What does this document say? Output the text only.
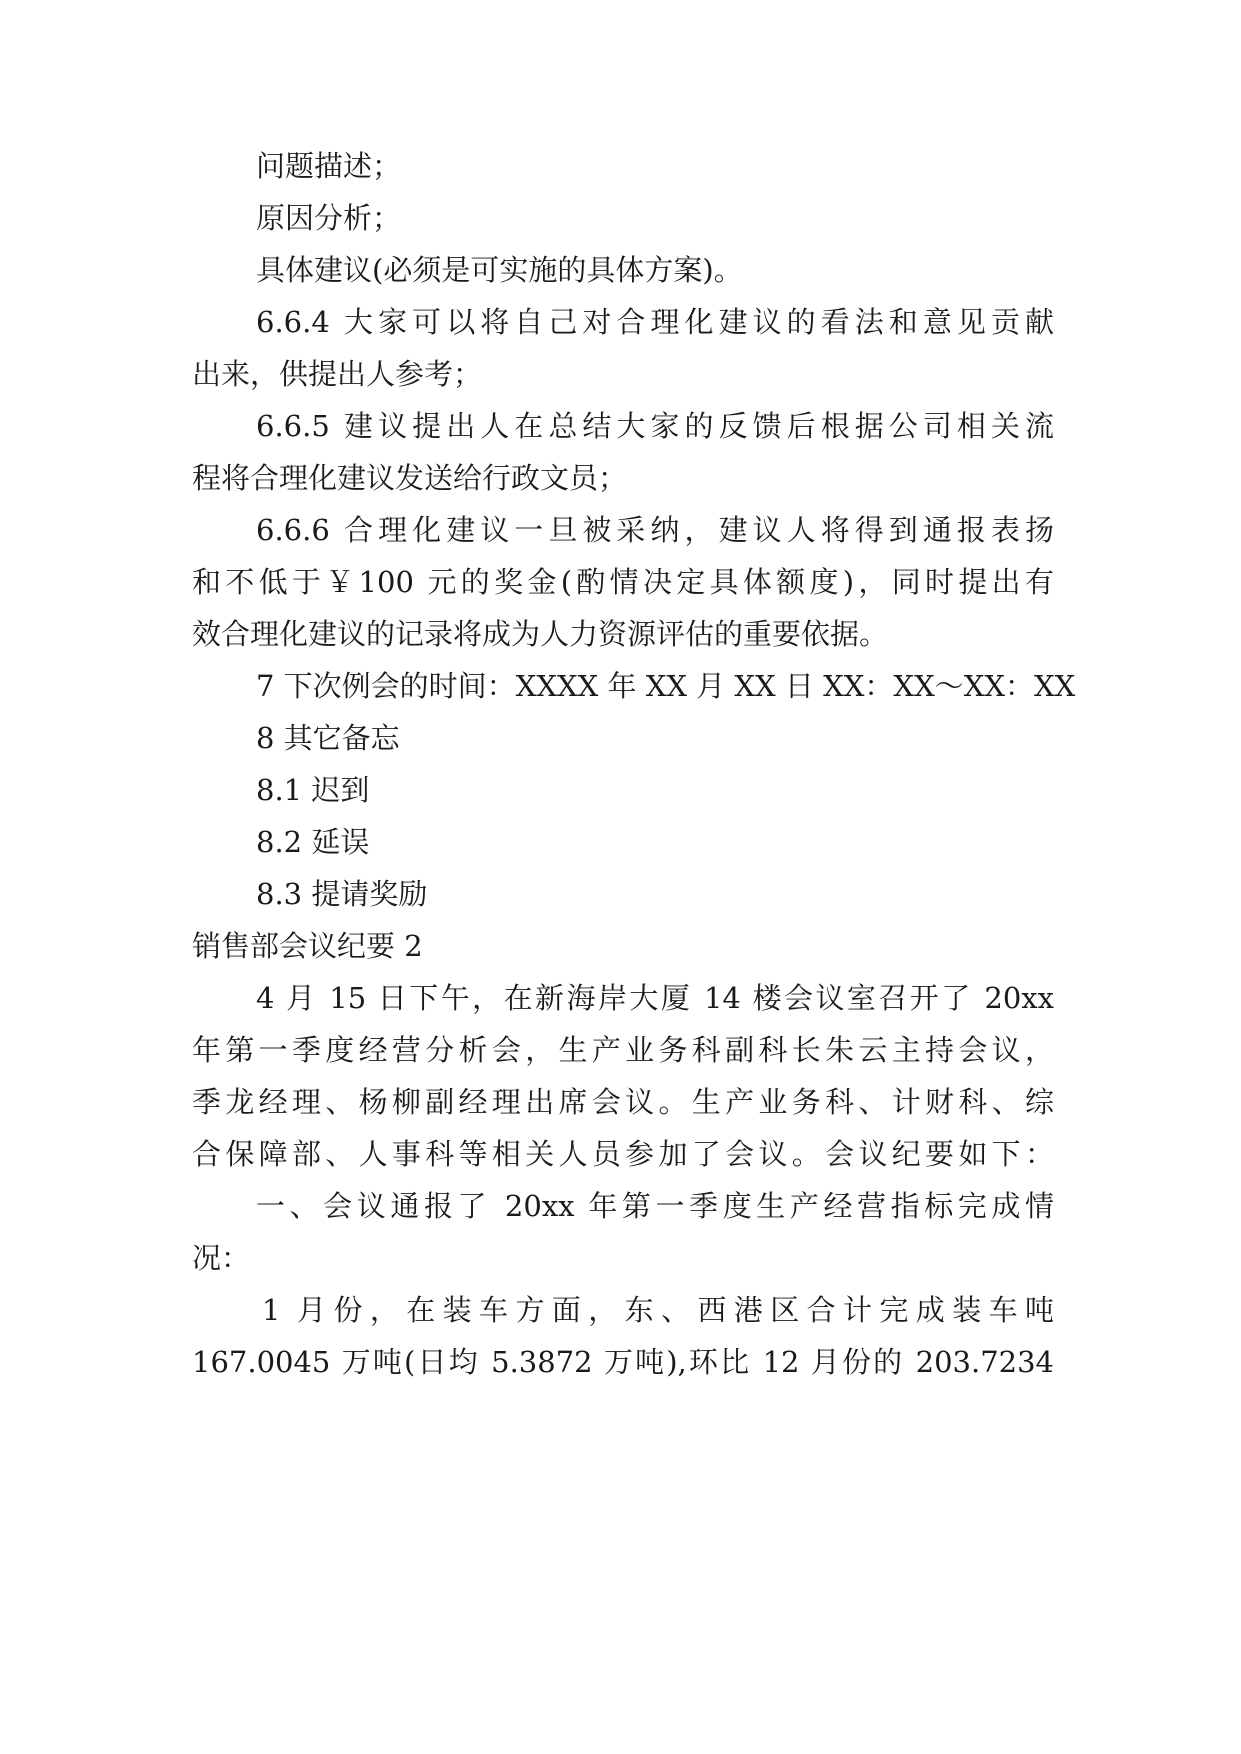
问题描述；
原因分析；
具体建议(必须是可实施的具体方案)。
6.6.4 大家可以将自己对合理化建议的看法和意见贡献
出来，供提出人参考；
6.6.5 建议提出人在总结大家的反馈后根据公司相关流
程将合理化建议发送给行政文员；
6.6.6 合理化建议一旦被采纳，建议人将得到通报表扬
和不低于￥100 元的奖金(酌情决定具体额度)，同时提出有
效合理化建议的记录将成为人力资源评估的重要依据。
7 下次例会的时间：XXXX 年 XX 月 XX 日 XX：XX～XX：XX
8 其它备忘
8.1 迟到
8.2 延误
8.3 提请奖励
销售部会议纪要 2
4 月 15 日下午，在新海岸大厦 14 楼会议室召开了 20xx
年第一季度经营分析会，生产业务科副科长朱云主持会议，
季龙经理、杨柳副经理出席会议。生产业务科、计财科、综
合保障部、人事科等相关人员参加了会议。会议纪要如下：
一、会议通报了 20xx 年第一季度生产经营指标完成情
况：
1 月份，在装车方面，东、西港区合计完成装车吨
167.0045 万吨(日均 5.3872 万吨),环比 12 月份的 203.7234
